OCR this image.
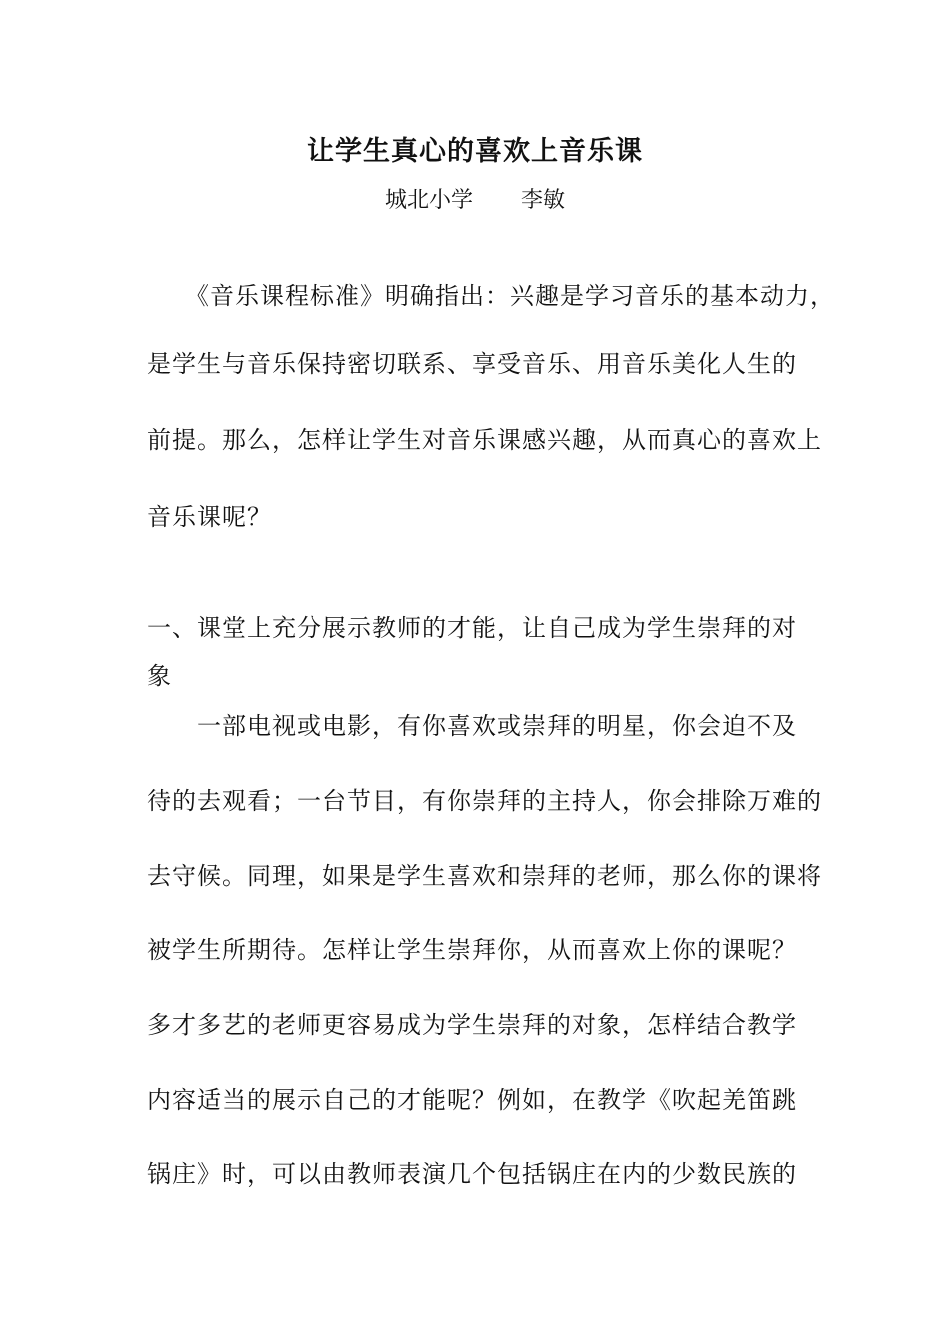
让学生真心的喜欢上音乐课
城北小学 李敏
　　《音乐课程标准》明确指出：兴趣是学习音乐的基本动力，
是学生与音乐保持密切联系、享受音乐、用音乐美化人生的
前提。那么，怎样让学生对音乐课感兴趣，从而真心的喜欢上
音乐课呢？
一、课堂上充分展示教师的才能，让自己成为学生崇拜的对
象
　　一部电视或电影，有你喜欢或崇拜的明星，你会迫不及
待的去观看；一台节目，有你崇拜的主持人，你会排除万难的
去守候。同理，如果是学生喜欢和崇拜的老师，那么你的课将
被学生所期待。怎样让学生崇拜你，从而喜欢上你的课呢？
多才多艺的老师更容易成为学生崇拜的对象，怎样结合教学
内容适当的展示自己的才能呢？例如，在教学《吹起羌笛跳
锅庄》时，可以由教师表演几个包括锅庄在内的少数民族的
